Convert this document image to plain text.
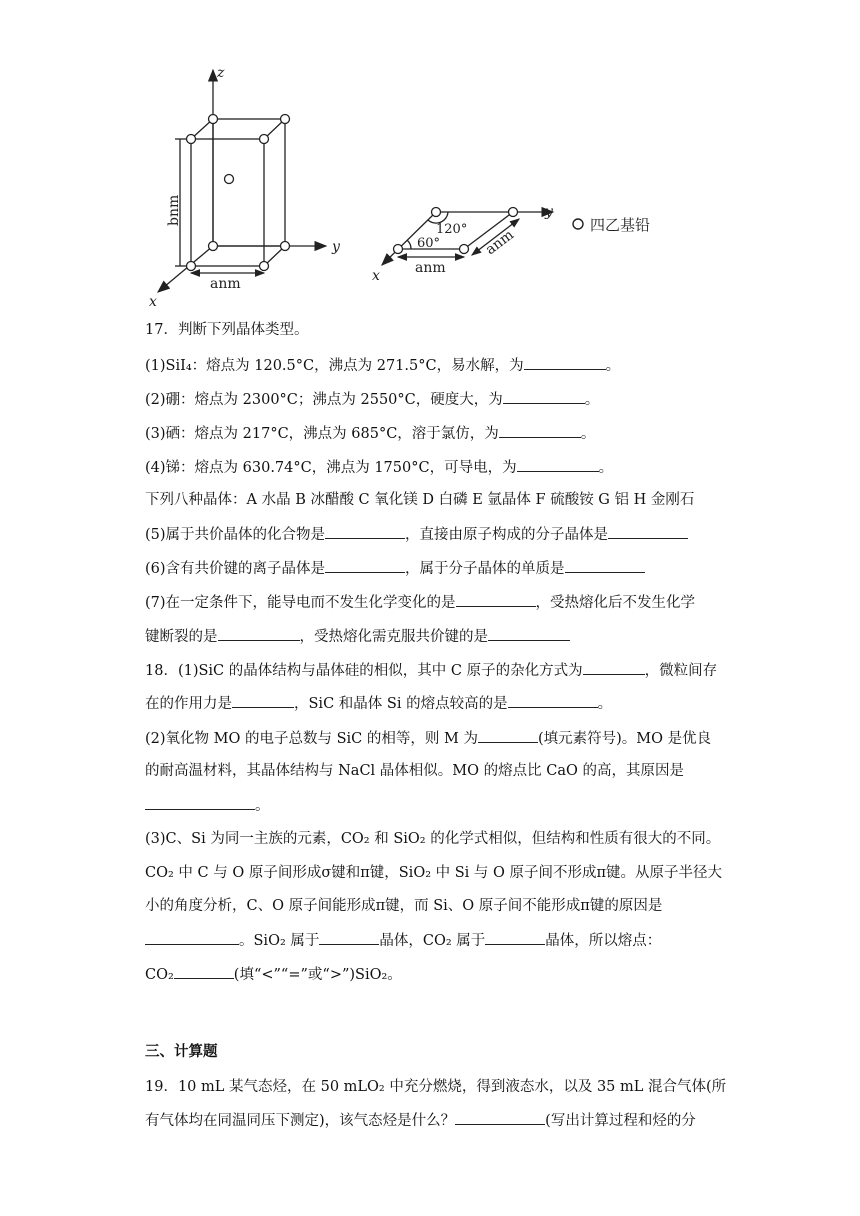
z
y
x
bnm
anm
y
x
120°
60°
anm
anm
四乙基铅
17．判断下列晶体类型。
(1)SiI₄：熔点为 120.5°C，沸点为 271.5°C，易水解，为	。
(2)硼：熔点为 2300°C；沸点为 2550°C，硬度大，为	。
(3)硒：熔点为 217°C，沸点为 685°C，溶于氯仿，为	。
(4)锑：熔点为 630.74°C，沸点为 1750°C，可导电，为	。
下列八种晶体：A 水晶 B 冰醋酸 C 氧化镁 D 白磷 E 氩晶体 F 硫酸铵 G 铝 H 金刚石
(5)属于共价晶体的化合物是	，直接由原子构成的分子晶体是
(6)含有共价键的离子晶体是	，属于分子晶体的单质是
(7)在一定条件下，能导电而不发生化学变化的是	，受热熔化后不发生化学
键断裂的是	，受热熔化需克服共价键的是
18．(1)SiC 的晶体结构与晶体硅的相似，其中 C 原子的杂化方式为	，微粒间存
在的作用力是	，SiC 和晶体 Si 的熔点较高的是	。
(2)氧化物 MO 的电子总数与 SiC 的相等，则 M 为	(填元素符号)。MO 是优良
的耐高温材料，其晶体结构与 NaCl 晶体相似。MO 的熔点比 CaO 的高，其原因是
。
(3)C、Si 为同一主族的元素，CO₂ 和 SiO₂ 的化学式相似，但结构和性质有很大的不同。
CO₂ 中 C 与 O 原子间形成σ键和π键，SiO₂ 中 Si 与 O 原子间不形成π键。从原子半径大
小的角度分析，C、O 原子间能形成π键，而 Si、O 原子间不能形成π键的原因是
。SiO₂ 属于	晶体，CO₂ 属于	晶体，所以熔点：
CO₂	(填“<”“=”或“>”)SiO₂。
三、计算题
19．10 mL 某气态烃，在 50 mLO₂ 中充分燃烧，得到液态水，以及 35 mL 混合气体(所
有气体均在同温同压下测定)，该气态烃是什么？	(写出计算过程和烃的分
